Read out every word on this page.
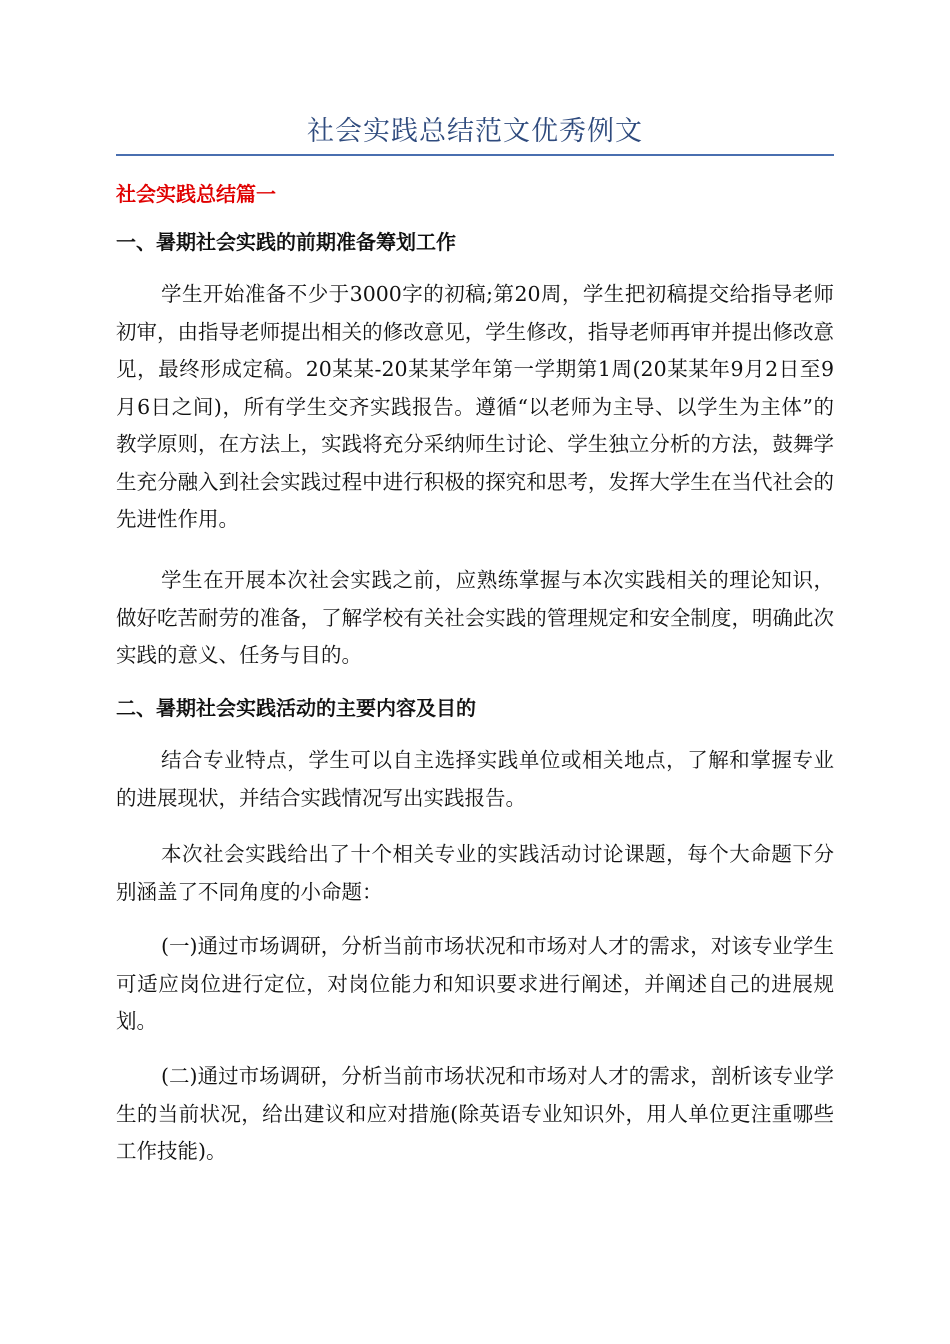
社会实践总结范文优秀例文
社会实践总结篇一
一、暑期社会实践的前期准备筹划工作

学生开始准备不少于3000字的初稿;第20周，学生把初稿提交给指导老师初审，由指导老师提出相关的修改意见，学生修改，指导老师再审并提出修改意见，最终形成定稿。20某某-20某某学年第一学期第1周(20某某年9月2日至9月6日之间)，所有学生交齐实践报告。遵循“以老师为主导、以学生为主体”的教学原则，在方法上，实践将充分采纳师生讨论、学生独立分析的方法，鼓舞学生充分融入到社会实践过程中进行积极的探究和思考，发挥大学生在当代社会的先进性作用。

学生在开展本次社会实践之前，应熟练掌握与本次实践相关的理论知识，做好吃苦耐劳的准备，了解学校有关社会实践的管理规定和安全制度，明确此次实践的意义、任务与目的。

二、暑期社会实践活动的主要内容及目的

结合专业特点，学生可以自主选择实践单位或相关地点，了解和掌握专业的进展现状，并结合实践情况写出实践报告。

本次社会实践给出了十个相关专业的实践活动讨论课题，每个大命题下分别涵盖了不同角度的小命题：

(一)通过市场调研，分析当前市场状况和市场对人才的需求，对该专业学生可适应岗位进行定位，对岗位能力和知识要求进行阐述，并阐述自己的进展规划。

(二)通过市场调研，分析当前市场状况和市场对人才的需求，剖析该专业学生的当前状况，给出建议和应对措施(除英语专业知识外，用人单位更注重哪些工作技能)。
